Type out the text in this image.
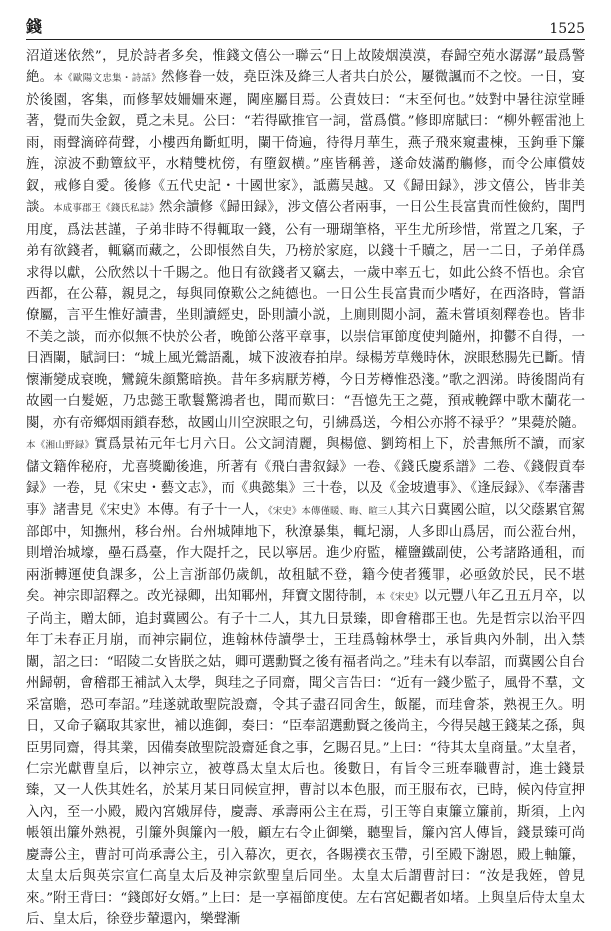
錢	1525

沼道迷依然”，見於詩者多矣，惟錢文僖公一聯云“日上故陵烟漠漠，春歸空苑水潺潺”最爲警絶。本《歐陽文忠集・詩話》然修眷一妓，堯臣洙及絳三人者共白於公，屢微諷而不之恔。一日，宴於後園，客集，而修挈妓姍姍來遲，閫座屬目焉。公責妓曰：“末至何也。”妓對中暑往涼堂睡著，覺而失金釵，覓之未見。公曰：“若得歐推官一詞，當爲償。”修即席賦曰：“柳外輕雷池上雨，雨聲滴碎荷聲，小樓西角斷虹明，闌干倚遍，待得月華生，燕子飛來窺畫棟，玉鉤垂下簾旌，涼波不動簟紋平，水精雙枕傍，有墮釵横。”座皆稱善，遂命妓滿酌觴修，而令公庫償妓釵，戒修自愛。後修《五代史記・十國世家》，詆薦吴越。又《歸田録》，涉文僖公，皆非美談。本成事郡王《錢氏私誌》然余讀修《歸田録》，涉文僖公者兩事，一日公生長富貴而性儉約，閨門用度，爲法甚謹，子弟非時不得輒取一錢，公有一珊瑚筆格，平生尤所珍惜，常置之几案，子弟有欲錢者，輒竊而藏之，公即悵然自失，乃榜於家庭，以錢十千贖之，居一二日，子弟佯爲求得以獻，公欣然以十千賜之。他日有欲錢者又竊去，一歲中率五七，如此公終不悟也。余官西都，在公幕，親見之，每與同僚歎公之純德也。一日公生長富貴而少嗜好，在西洛時，嘗語僚屬，言平生惟好讀書，坐則讀經史，卧則讀小説，上廁則閲小詞，蓋未嘗頃刻釋卷也。皆非不美之談，而亦似無不快於公者，晚節公落平章事，以崇信軍節度使判隨州，抑鬱不自得，一日酒闌，賦詞曰：“城上風光鶯語亂，城下波液春拍岸。绿楊芳草幾時休，淚眼愁腸先已斷。情懷漸變成衰晚，鸞鏡朱顔驚暗换。昔年多病厭芳樽，今日芳樽惟恐淺。”歌之泗涕。時後閤尚有故國一白髮姬，乃忠懿王歌鬟驚鴻者也，聞而歎曰：“吾憶先王之薨，預戒輓鐸中歌木蘭花一闋，亦有帝鄉烟雨鎖春愁，故國山川空淚眼之句，引紼爲送，今相公亦將不禄乎？”果薨於隨。本《湘山野録》實爲景祐元年七月六日。公文詞清麗，與楊億、劉筠相上下，於書無所不讀，而家儲文籍侔秘府，尤喜獎勵後進，所著有《飛白書叙録》一卷、《錢氏慶系譜》二卷、《錢假貢奉録》一卷，見《宋史・藝文志》，而《典懿集》三十卷，以及《金坡遺事》、《逢辰録》、《奉藩書事》諸書見《宋史》本傳。有子十一人，《宋史》本傳僅暖、晦、暄三人其六日冀國公暄，以父蔭累官駕部郎中，知撫州，移台州。台州城陣地下，秋潦暴集，輒圮溺，人多即山爲居，而公蒞台州，則增治城壕，壘石爲臺，作大隄扦之，民以寧居。進少府監，權鹽鐵副使，公考諸路通租，而兩浙轉運使負課多，公上言浙部仍歲飢，故租賦不登，籍今使者獲罪，必亟敛於民，民不堪矣。神宗即詔釋之。改光禄卿，出知鄆州，拜寶文閣待制，本《宋史》以元豐八年乙丑五月卒，以子尚主，贈太師，追封冀國公。有子十二人，其九日景臻，即會稽郡王也。先是哲宗以治平四年丁未春正月崩，而神宗嗣位，進翰林侍讀學士，王珪爲翰林學士，承旨典內外制，出入禁闈，詔之曰：“昭陵二女皆朕之姑，卿可選勳賢之後有福者尚之。”珪未有以奉詔，而冀國公自台州歸朝，會稽郡王補試入太學，與珪之子同齋，聞父言告曰：“近有一錢少監子，風骨不羣，文采富贍，恐可奉詔。”珪遂就敢聖院設齋，令其子盡召同舍生，飯罷，而珪會茶，熟視王久。明日，又命子竊取其家世，補以進御，奏曰：“臣奉詔選勳賢之後尚主，今得吴越王錢某之孫，與臣男同齋，得其業，因備奏啟聖院設齋延食之事，乞賜召見。”上曰：“待其太皇商量。”太皇者，仁宗光獻曹皇后，以神宗立，被尊爲太皇太后也。後數日，有旨令三班奉職曹討，進士錢景臻，又一人佚其姓名，於某月某日同候宣押，曹討以本色服，而王服布衣，已時，候內侍宣押入內，至一小殿，殿內宮娥屏侍，慶壽、承壽兩公主在焉，引王等自東簾立簾前，斯須，上內帳領出簾外熟視，引簾外與簾內一般，顧左右令止御樂，聽聖旨，簾內宮人傳旨，錢景臻可尚慶壽公主，曹討可尚承壽公主，引入幕次，更衣，各賜襆衣玉帶，引至殿下謝恩，殿上軸簾，太皇太后與英宗宣仁高皇太后及神宗欽聖皇后同坐。太皇太后謂曹討曰：“汝是我姪，曾見來。”附王背曰：“錢郎好女婿。”上曰：是一享福節度使。左右宮妃觀者如堵。上與皇后侍太皇太后、皇太后，徐登步輦還內，樂聲漸
